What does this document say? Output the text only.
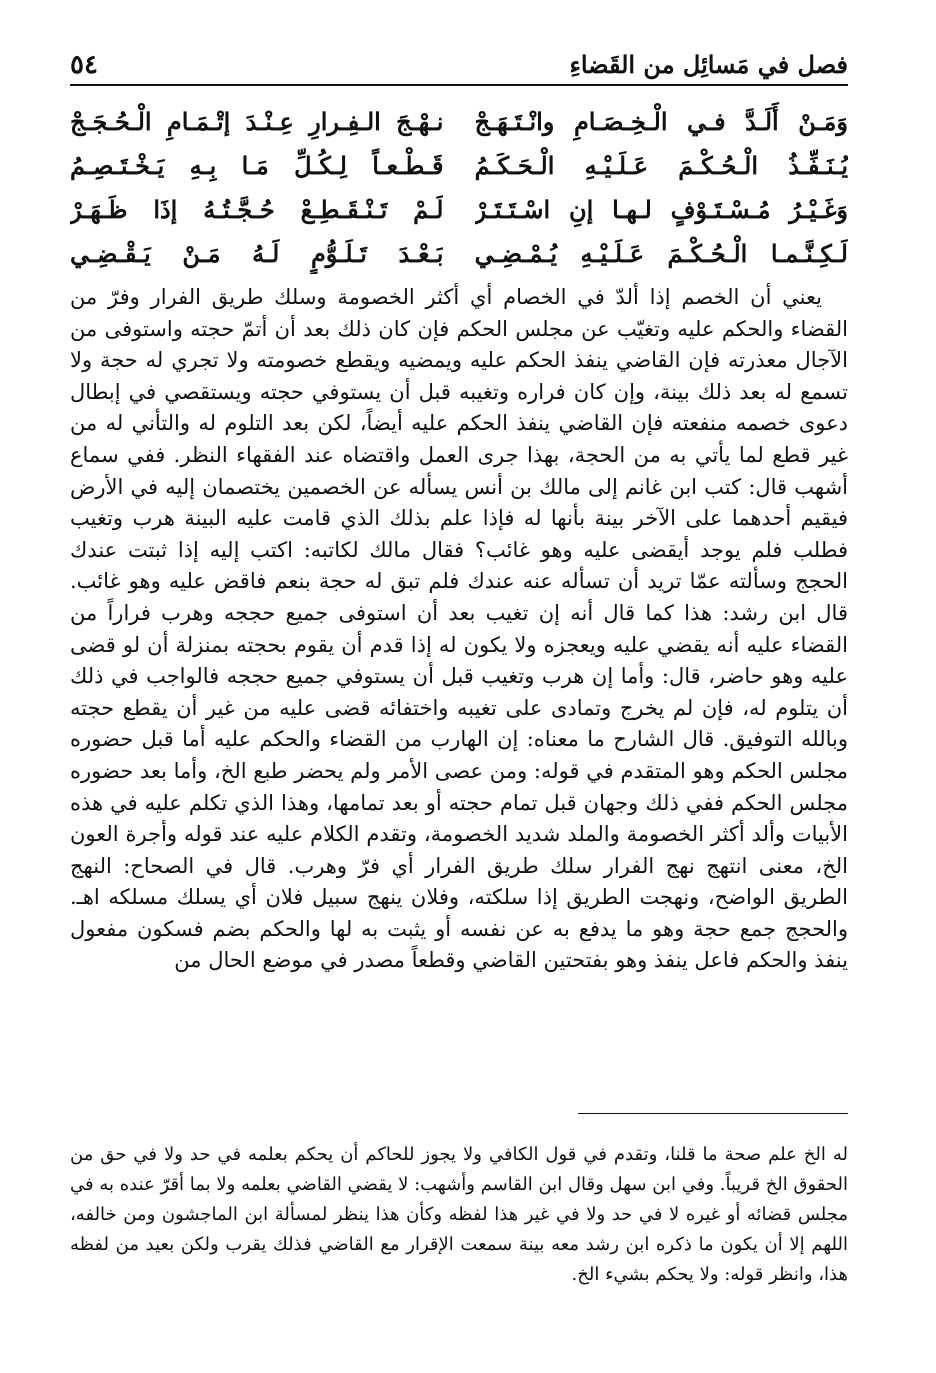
فصل في مَسائِل من القَضاءِ
٥٤
وَمَـنْ أَلَـدَّ فـي الْـخِـصَـامِ وانْـتَـهَـجْ
نـهْـجَ الـفِـرارِ عِـنْـدَ إتْـمَـامِ الْـحُـجَـجْ
يُـنَـفِّـذُ الْـحُـكْـمَ عَـلَـيْـهِ الْـحَـكَـمُ
قَـطْـعـاً لِـكُـلِّ مَـا بِـهِ يَـخْـتَـصِـمُ
وَغَـيْـرُ مُـسْـتَـوْفٍ لـهـا إنِ اسْـتَـتَـرْ
لَـمْ تَـنْـقَـطِـعْ حُـجَّـتُـهُ إذَا ظَـهَـرْ
لَـكِـنَّـمـا الْـحُـكْـمَ عَـلَـيْـهِ يُـمْـضِـي
بَـعْـدَ تَـلَـوُّمٍ لَـهُ مَـنْ يَـقْـضِـي

يعني أن الخصم إذا ألدّ في الخصام أي أكثر الخصومة وسلك طريق الفرار وفرّ من القضاء والحكم عليه وتغيّب عن مجلس الحكم فإن كان ذلك بعد أن أتمّ حجته واستوفى من الآجال معذرته فإن القاضي ينفذ الحكم عليه ويمضيه ويقطع خصومته ولا تجري له حجة ولا تسمع له بعد ذلك بينة، وإن كان فراره وتغيبه قبل أن يستوفي حجته ويستقصي في إبطال دعوى خصمه منفعته فإن القاضي ينفذ الحكم عليه أيضاً، لكن بعد التلوم له والتأني له من غير قطع لما يأتي به من الحجة، بهذا جرى العمل واقتضاه عند الفقهاء النظر. ففي سماع أشهب قال: كتب ابن غانم إلى مالك بن أنس يسأله عن الخصمين يختصمان إليه في الأرض فيقيم أحدهما على الآخر بينة بأنها له فإذا علم بذلك الذي قامت عليه البينة هرب وتغيب فطلب فلم يوجد أيقضى عليه وهو غائب؟ فقال مالك لكاتبه: اكتب إليه إذا ثبتت عندك الحجج وسألته عمّا تريد أن تسأله عنه عندك فلم تبق له حجة بنعم فاقض عليه وهو غائب. قال ابن رشد: هذا كما قال أنه إن تغيب بعد أن استوفى جميع حججه وهرب فراراً من القضاء عليه أنه يقضي عليه ويعجزه ولا يكون له إذا قدم أن يقوم بحجته بمنزلة أن لو قضى عليه وهو حاضر، قال: وأما إن هرب وتغيب قبل أن يستوفي جميع حججه فالواجب في ذلك أن يتلوم له، فإن لم يخرج وتمادى على تغيبه واختفائه قضى عليه من غير أن يقطع حجته وبالله التوفيق. قال الشارح ما معناه: إن الهارب من القضاء والحكم عليه أما قبل حضوره مجلس الحكم وهو المتقدم في قوله: ومن عصى الأمر ولم يحضر طبع الخ، وأما بعد حضوره مجلس الحكم ففي ذلك وجهان قبل تمام حجته أو بعد تمامها، وهذا الذي تكلم عليه في هذه الأبيات وألد أكثر الخصومة والملد شديد الخصومة، وتقدم الكلام عليه عند قوله وأجرة العون الخ، معنى انتهج نهج الفرار سلك طريق الفرار أي فرّ وهرب. قال في الصحاح: النهج الطريق الواضح، ونهجت الطريق إذا سلكته، وفلان ينهج سبيل فلان أي يسلك مسلكه اهـ. والحجج جمع حجة وهو ما يدفع به عن نفسه أو يثبت به لها والحكم بضم فسكون مفعول ينفذ والحكم فاعل ينفذ وهو بفتحتين القاضي وقطعاً مصدر في موضع الحال من

له الخ علم صحة ما قلنا، وتقدم في قول الكافي ولا يجوز للحاكم أن يحكم بعلمه في حد ولا في حق من الحقوق الخ قريباً. وفي ابن سهل وقال ابن القاسم وأشهب: لا يقضي القاضي بعلمه ولا بما أقرّ عنده به في مجلس قضائه أو غيره لا في حد ولا في غير هذا لفظه وكأن هذا ينظر لمسألة ابن الماجشون ومن خالفه، اللهم إلا أن يكون ما ذكره ابن رشد معه بينة سمعت الإقرار مع القاضي فذلك يقرب ولكن بعيد من لفظه هذا، وانظر قوله: ولا يحكم بشيء الخ.
